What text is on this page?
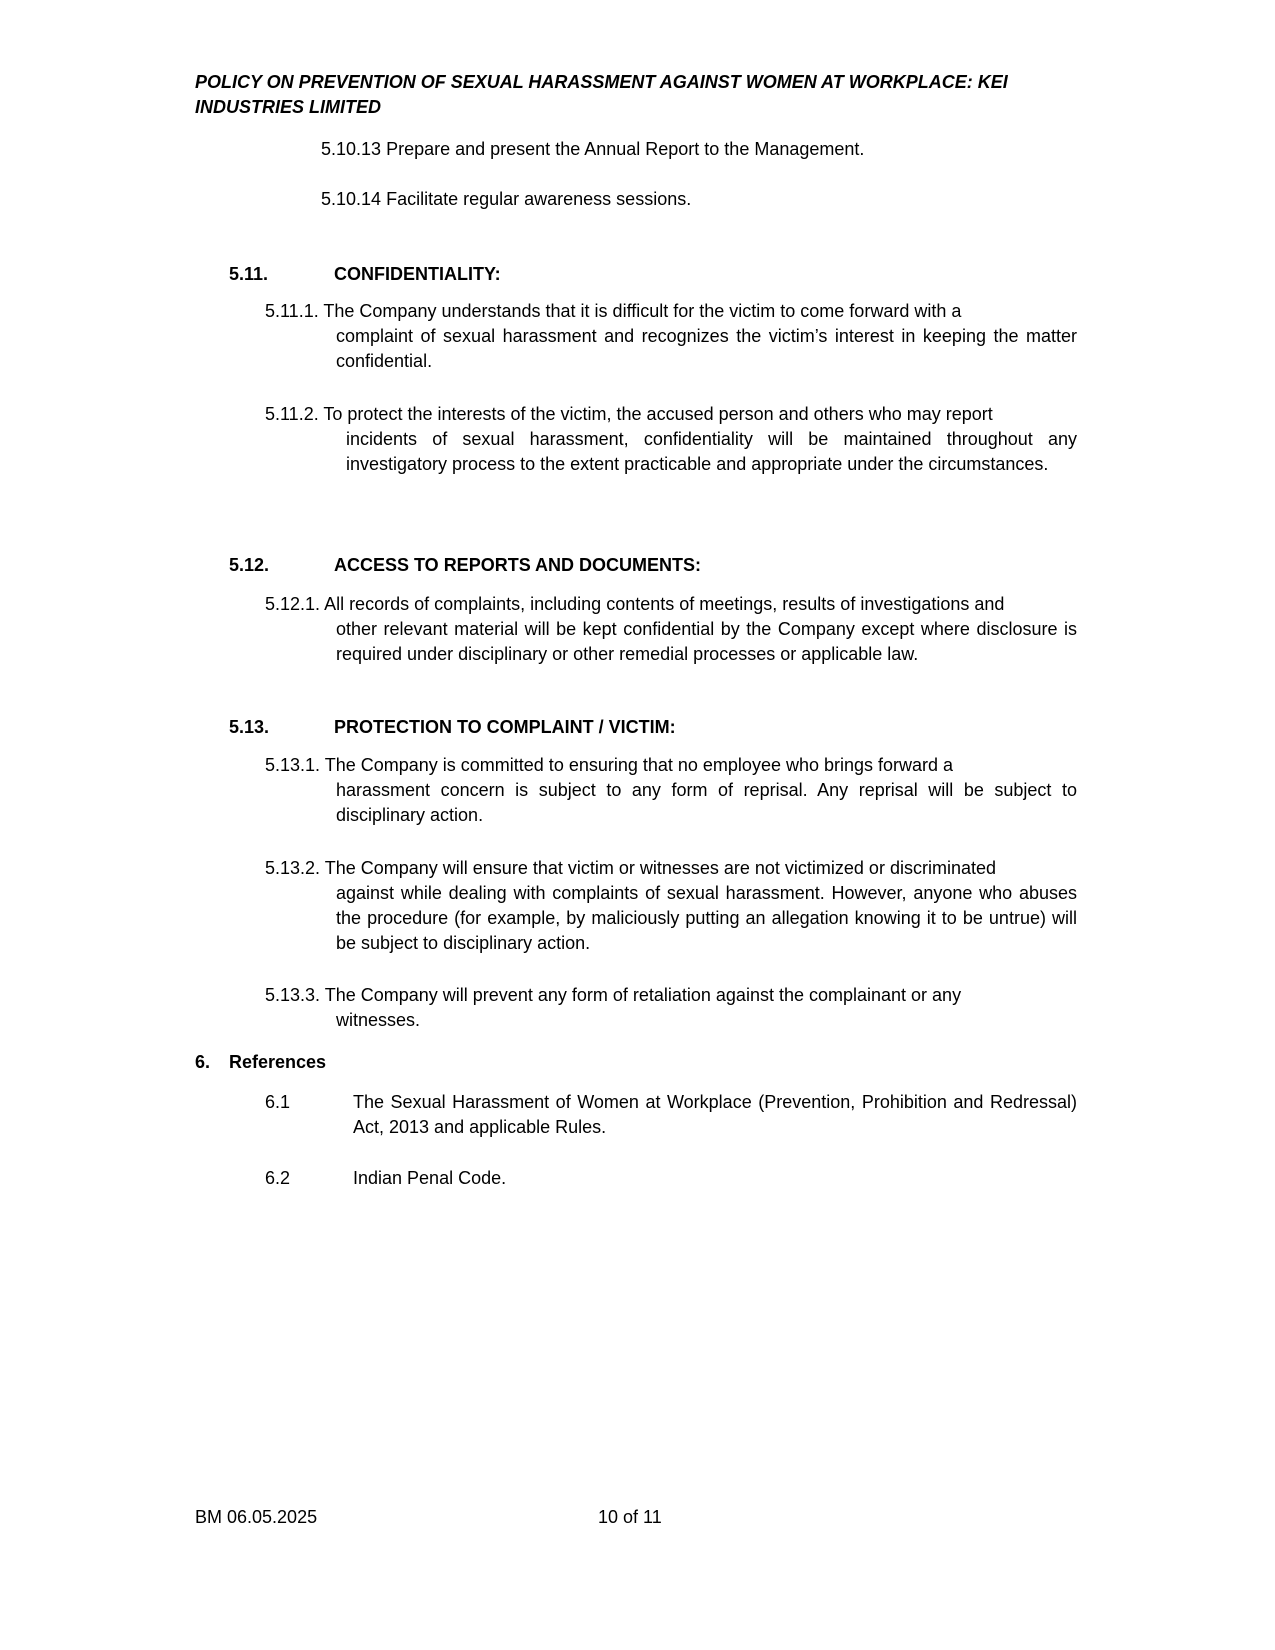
POLICY ON PREVENTION OF SEXUAL HARASSMENT AGAINST WOMEN AT WORKPLACE: KEI INDUSTRIES LIMITED
5.10.13 Prepare and present the Annual Report to the Management.
5.10.14 Facilitate regular awareness sessions.
5.11.	CONFIDENTIALITY:
5.11.1. The Company understands that it is difficult for the victim to come forward with a
complaint of sexual harassment and recognizes the victim’s interest in keeping the matter confidential.
5.11.2. To protect the interests of the victim, the accused person and others who may report
incidents of sexual harassment, confidentiality will be maintained throughout any investigatory process to the extent practicable and appropriate under the circumstances.
5.12.	ACCESS TO REPORTS AND DOCUMENTS:
5.12.1. All records of complaints, including contents of meetings, results of investigations and
other relevant material will be kept confidential by the Company except where disclosure is required under disciplinary or other remedial processes or applicable law.
5.13.	PROTECTION TO COMPLAINT / VICTIM:
5.13.1. The Company is committed to ensuring that no employee who brings forward a
harassment concern is subject to any form of reprisal. Any reprisal will be subject to disciplinary action.
5.13.2. The Company will ensure that victim or witnesses are not victimized or discriminated
against while dealing with complaints of sexual harassment. However, anyone who abuses the procedure (for example, by maliciously putting an allegation knowing it to be untrue) will be subject to disciplinary action.
5.13.3. The Company will prevent any form of retaliation against the complainant or any
witnesses.
6. References
6.1	The Sexual Harassment of Women at Workplace (Prevention, Prohibition and Redressal) Act, 2013 and applicable Rules.
6.2	Indian Penal Code.
BM 06.05.2025	10 of 11
